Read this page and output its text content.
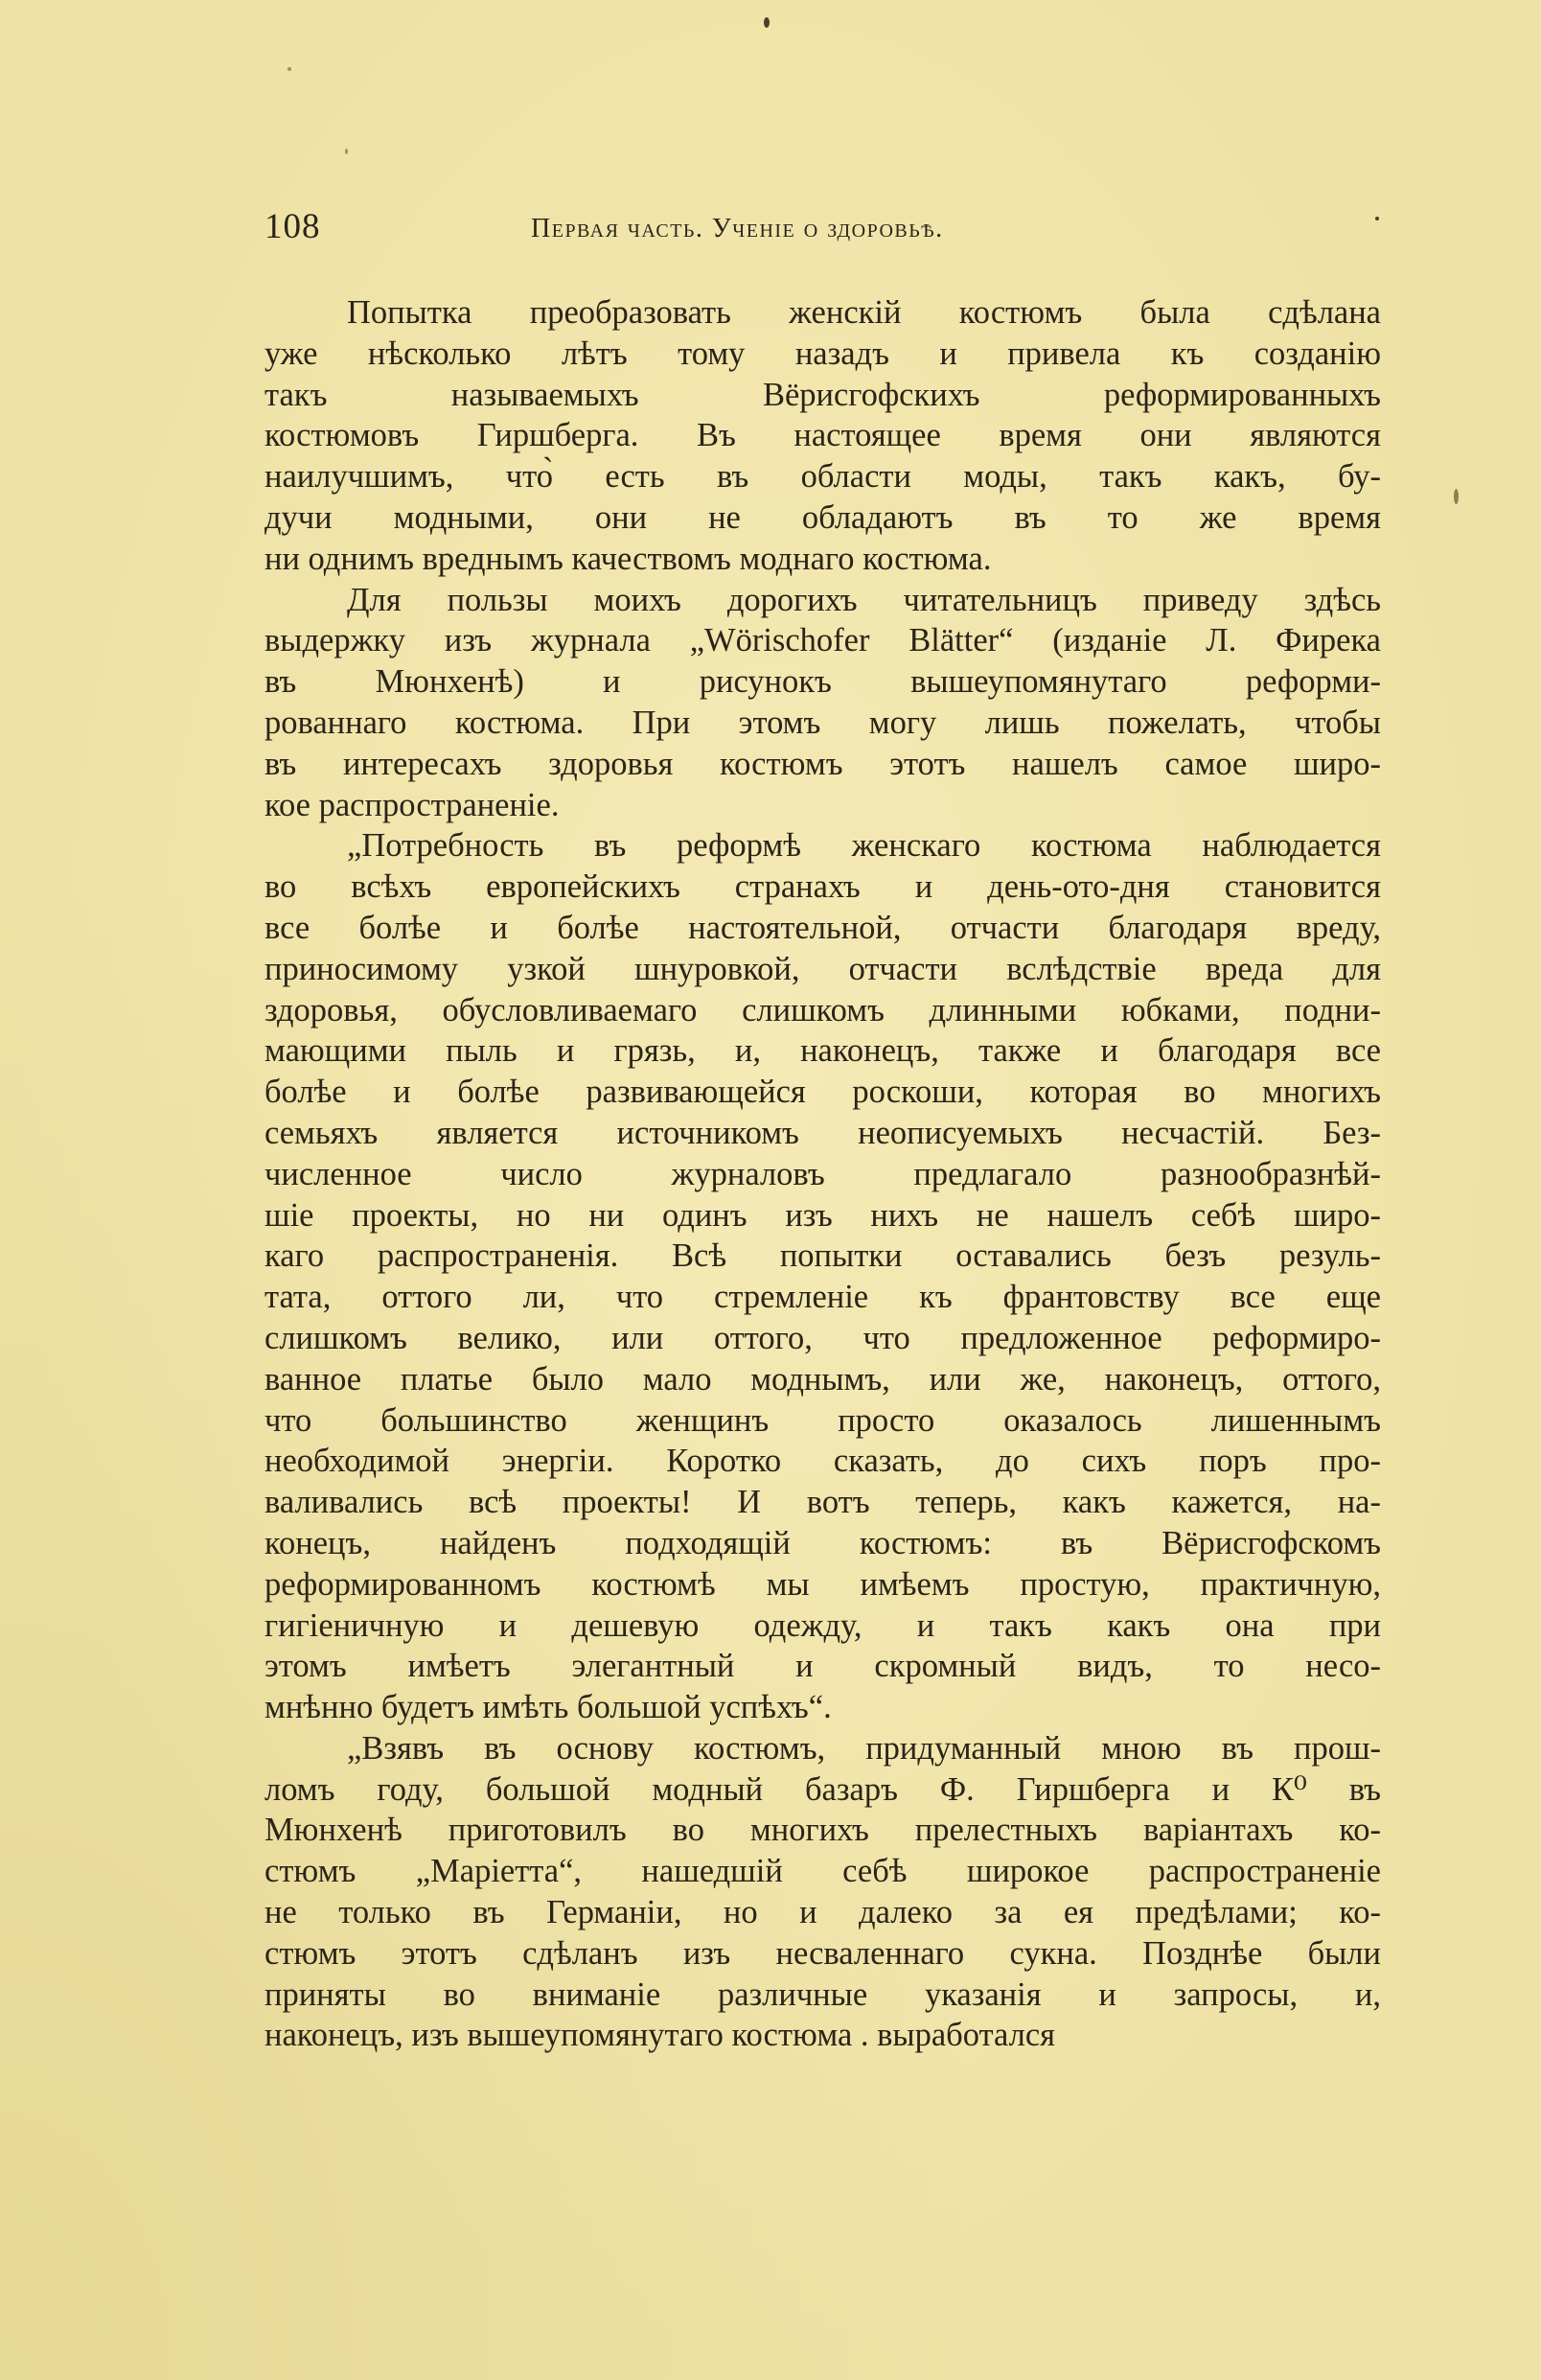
108	Первая часть. Ученіе о здоровьѣ.

Попытка преобразовать женскій костюмъ была сдѣлана
уже нѣсколько лѣтъ тому назадъ и привела къ созданію
такъ называемыхъ Вёрисгофскихъ реформированныхъ
костюмовъ Гиршберга. Въ настоящее время они являются
наилучшимъ, что̀ есть въ области моды, такъ какъ, бу-
дучи модными, они не обладаютъ въ то же время
ни однимъ вреднымъ качествомъ моднаго костюма.

Для пользы моихъ дорогихъ читательницъ приведу здѣсь
выдержку изъ журнала „Wörischofer Blätter“ (изданіе Л. Фирека
въ Мюнхенѣ) и рисунокъ вышеупомянутаго реформи-
рованнаго костюма. При этомъ могу лишь пожелать, чтобы
въ интересахъ здоровья костюмъ этотъ нашелъ самое широ-
кое распространеніе.

„Потребность въ реформѣ женскаго костюма наблюдается
во всѣхъ европейскихъ странахъ и день-ото-дня становится
все болѣе и болѣе настоятельной, отчасти благодаря вреду,
приносимому узкой шнуровкой, отчасти вслѣдствіе вреда для
здоровья, обусловливаемаго слишкомъ длинными юбками, подни-
мающими пыль и грязь, и, наконецъ, также и благодаря все
болѣе и болѣе развивающейся роскоши, которая во многихъ
семьяхъ является источникомъ неописуемыхъ несчастій. Без-
численное число журналовъ предлагало разнообразнѣй-
шіе проекты, но ни одинъ изъ нихъ не нашелъ себѣ широ-
каго распространенія. Всѣ попытки оставались безъ резуль-
тата, оттого ли, что стремленіе къ франтовству все еще
слишкомъ велико, или оттого, что предложенное реформиро-
ванное платье было мало моднымъ, или же, наконецъ, оттого,
что большинство женщинъ просто оказалось лишеннымъ
необходимой энергіи. Коротко сказать, до сихъ поръ про-
валивались всѣ проекты! И вотъ теперь, какъ кажется, на-
конецъ, найденъ подходящій костюмъ: въ Вёрисгофскомъ
реформированномъ костюмѣ мы имѣемъ простую, практичную,
гигіеничную и дешевую одежду, и такъ какъ она при
этомъ имѣетъ элегантный и скромный видъ, то несо-
мнѣнно будетъ имѣть большой успѣхъ“.

„Взявъ въ основу костюмъ, придуманный мною въ прош-
ломъ году, большой модный базаръ Ф. Гиршберга и К⁰ въ
Мюнхенѣ приготовилъ во многихъ прелестныхъ варіантахъ ко-
стюмъ „Маріетта“, нашедшій себѣ широкое распространеніе
не только въ Германіи, но и далеко за ея предѣлами; ко-
стюмъ этотъ сдѣланъ изъ несваленнаго сукна. Позднѣе были
приняты во вниманіе различные указанія и запросы, и,
наконецъ, изъ вышеупомянутаго костюма . выработался
